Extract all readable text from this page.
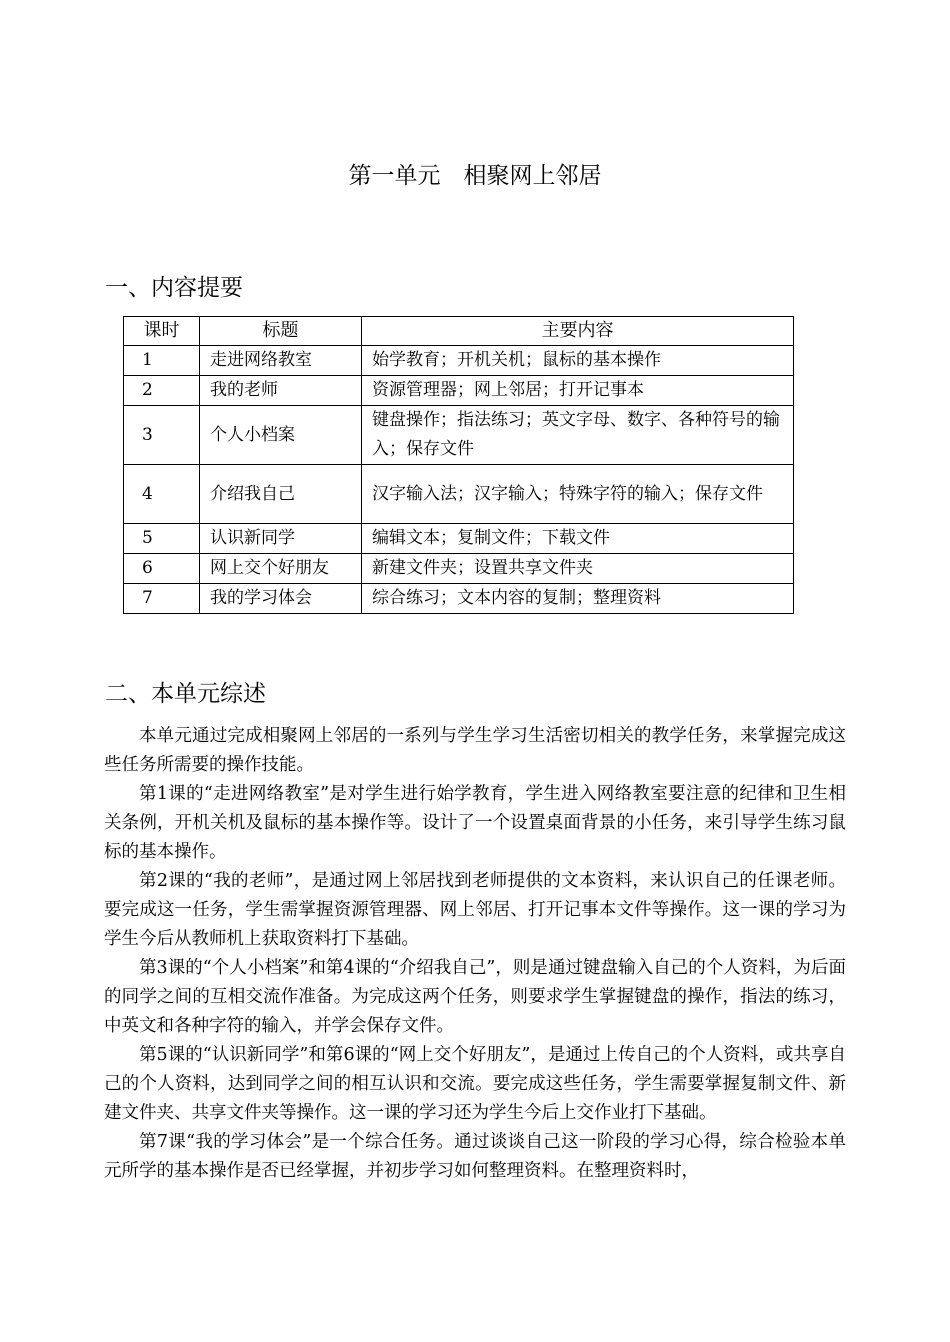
第一单元　相聚网上邻居
一、内容提要
课时	标题	主要内容
1	走进网络教室	始学教育；开机关机；鼠标的基本操作
2	我的老师	资源管理器；网上邻居；打开记事本
3	个人小档案	键盘操作；指法练习；英文字母、数字、各种符号的输入；保存文件
4	介绍我自己	汉字输入法；汉字输入；特殊字符的输入；保存文件
5	认识新同学	编辑文本；复制文件；下载文件
6	网上交个好朋友	新建文件夹；设置共享文件夹
7	我的学习体会	综合练习；文本内容的复制；整理资料
二、本单元综述

本单元通过完成相聚网上邻居的一系列与学生学习生活密切相关的教学任务，来掌握完成这些任务所需要的操作技能。

第1课的“走进网络教室”是对学生进行始学教育，学生进入网络教室要注意的纪律和卫生相关条例，开机关机及鼠标的基本操作等。设计了一个设置桌面背景的小任务，来引导学生练习鼠标的基本操作。

第2课的“我的老师”，是通过网上邻居找到老师提供的文本资料，来认识自己的任课老师。要完成这一任务，学生需掌握资源管理器、网上邻居、打开记事本文件等操作。这一课的学习为学生今后从教师机上获取资料打下基础。

第3课的“个人小档案”和第4课的“介绍我自己”，则是通过键盘输入自己的个人资料，为后面的同学之间的互相交流作准备。为完成这两个任务，则要求学生掌握键盘的操作，指法的练习，中英文和各种字符的输入，并学会保存文件。

第5课的“认识新同学”和第6课的“网上交个好朋友”，是通过上传自己的个人资料，或共享自己的个人资料，达到同学之间的相互认识和交流。要完成这些任务，学生需要掌握复制文件、新建文件夹、共享文件夹等操作。这一课的学习还为学生今后上交作业打下基础。

第7课“我的学习体会”是一个综合任务。通过谈谈自己这一阶段的学习心得，综合检验本单元所学的基本操作是否已经掌握，并初步学习如何整理资料。在整理资料时，
